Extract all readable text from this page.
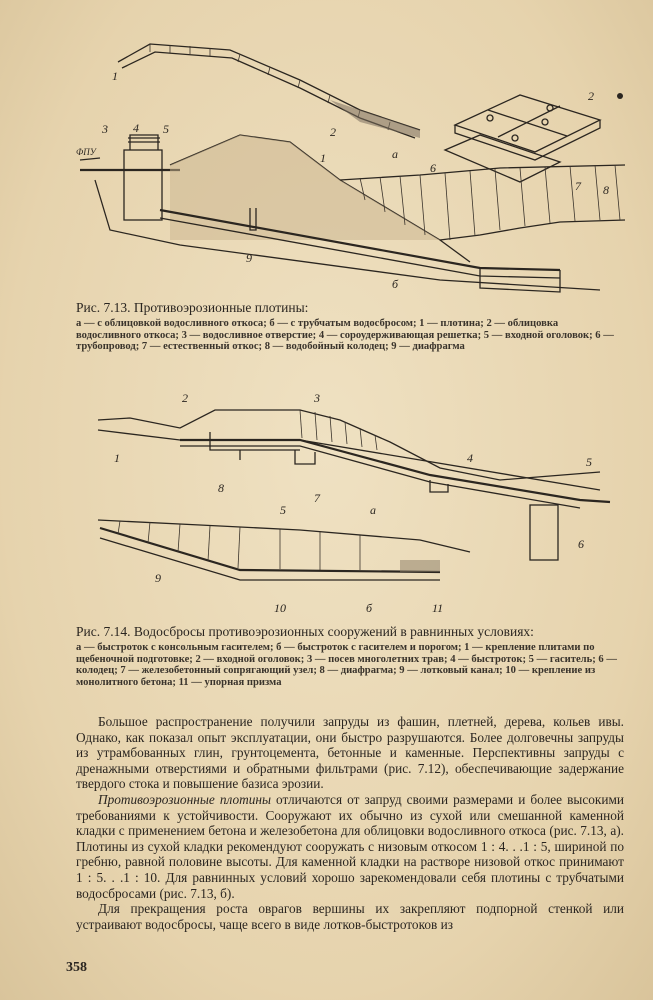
1
2
а
2
3 4 5
ФПУ	1
6
7 8
9
б
Рис. 7.13. Противоэрозионные плотины:
а — с облицовкой водосливного откоса; б — с трубчатым водосбросом; 1 — плотина; 2 — облицовка водосливного откоса; 3 — водосливное отверстие; 4 — сороудерживающая решетка; 5 — входной оголовок; 6 — трубопровод; 7 — естественный откос; 8 — водобойный колодец; 9 — диафрагма
2	3
1
8
7
4	5
а
6
5
9
10	б	11
Рис. 7.14. Водосбросы противоэрозионных сооружений в равнинных условиях:
а — быстроток с консольным гасителем; б — быстроток с гасителем и порогом; 1 — крепление плитами по щебеночной подготовке; 2 — входной оголовок; 3 — посев многолетних трав; 4 — быстроток; 5 — гаситель; 6 — колодец; 7 — железобетонный сопрягающий узел; 8 — диафрагма; 9 — лотковый канал; 10 — крепление из монолитного бетона; 11 — упорная призма

Большое распространение получили запруды из фашин, плетней, дерева, кольев ивы. Однако, как показал опыт эксплуатации, они быстро разрушаются. Более долговечны запруды из утрамбованных глин, грунтоцемента, бетонные и каменные. Перспективны запруды с дренажными отверстиями и обратными фильтрами (рис. 7.12), обеспечивающие задержание твердого стока и повышение базиса эрозии.

Противоэрозионные плотины отличаются от запруд своими размерами и более высокими требованиями к устойчивости. Сооружают их обычно из сухой или смешанной каменной кладки с применением бетона и железобетона для облицовки водосливного откоса (рис. 7.13, а). Плотины из сухой кладки рекомендуют сооружать с низовым откосом 1 : 4. . .1 : 5, шириной по гребню, равной половине высоты. Для каменной кладки на растворе низовой откос принимают 1 : 5. . .1 : 10. Для равнинных условий хорошо зарекомендовали себя плотины с трубчатыми водосбросами (рис. 7.13, б).

Для прекращения роста оврагов вершины их закрепляют подпорной стенкой или устраивают водосбросы, чаще всего в виде лотков-быстротоков из

358
